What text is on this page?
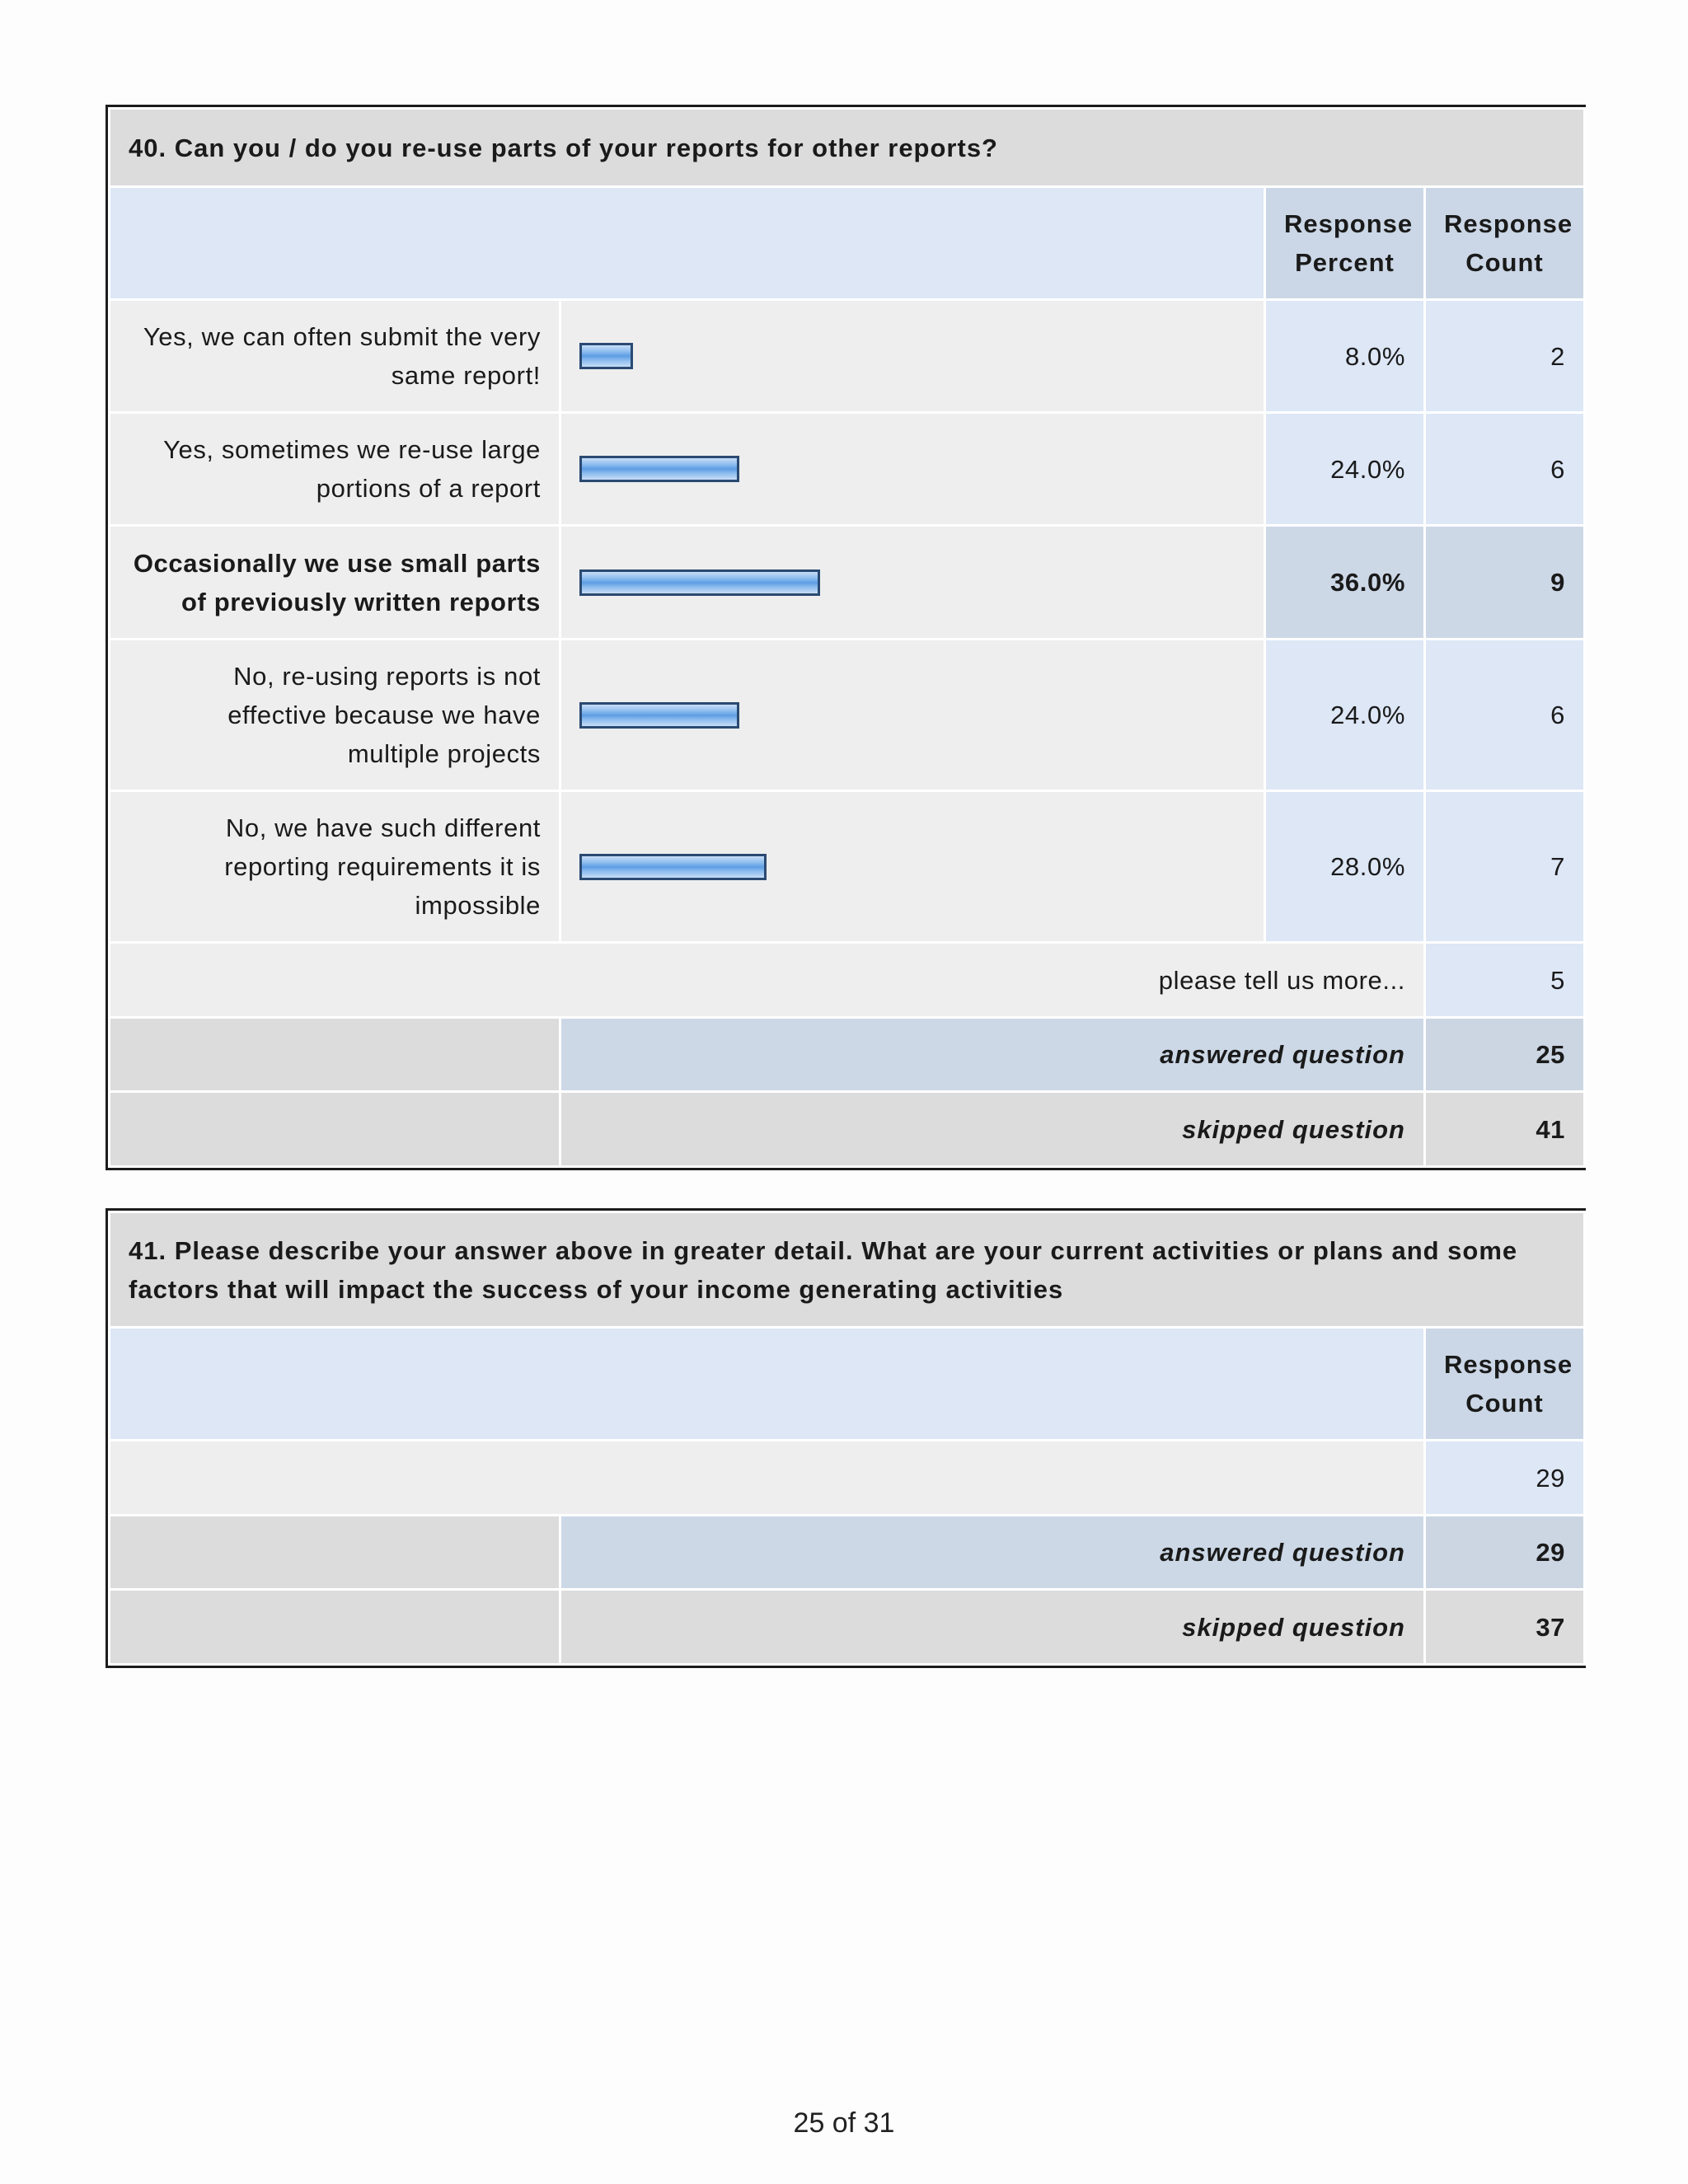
40. Can you / do you re-use parts of your reports for other reports?			
		Response Percent	Response Count
Yes, we can often submit the very same report!		8.0%	2
Yes, sometimes we re-use large portions of a report		24.0%	6
Occasionally we use small parts of previously written reports		36.0%	9
No, re-using reports is not effective because we have multiple projects		24.0%	6
No, we have such different reporting requirements it is impossible		28.0%	7
please tell us more...			5
	answered question		25
	skipped question		41
41. Please describe your answer above in greater detail. What are your current activities or plans and some factors that will impact the success of your income generating activities		
		Response Count
		29
	answered question	29
	skipped question	37
25 of 31
